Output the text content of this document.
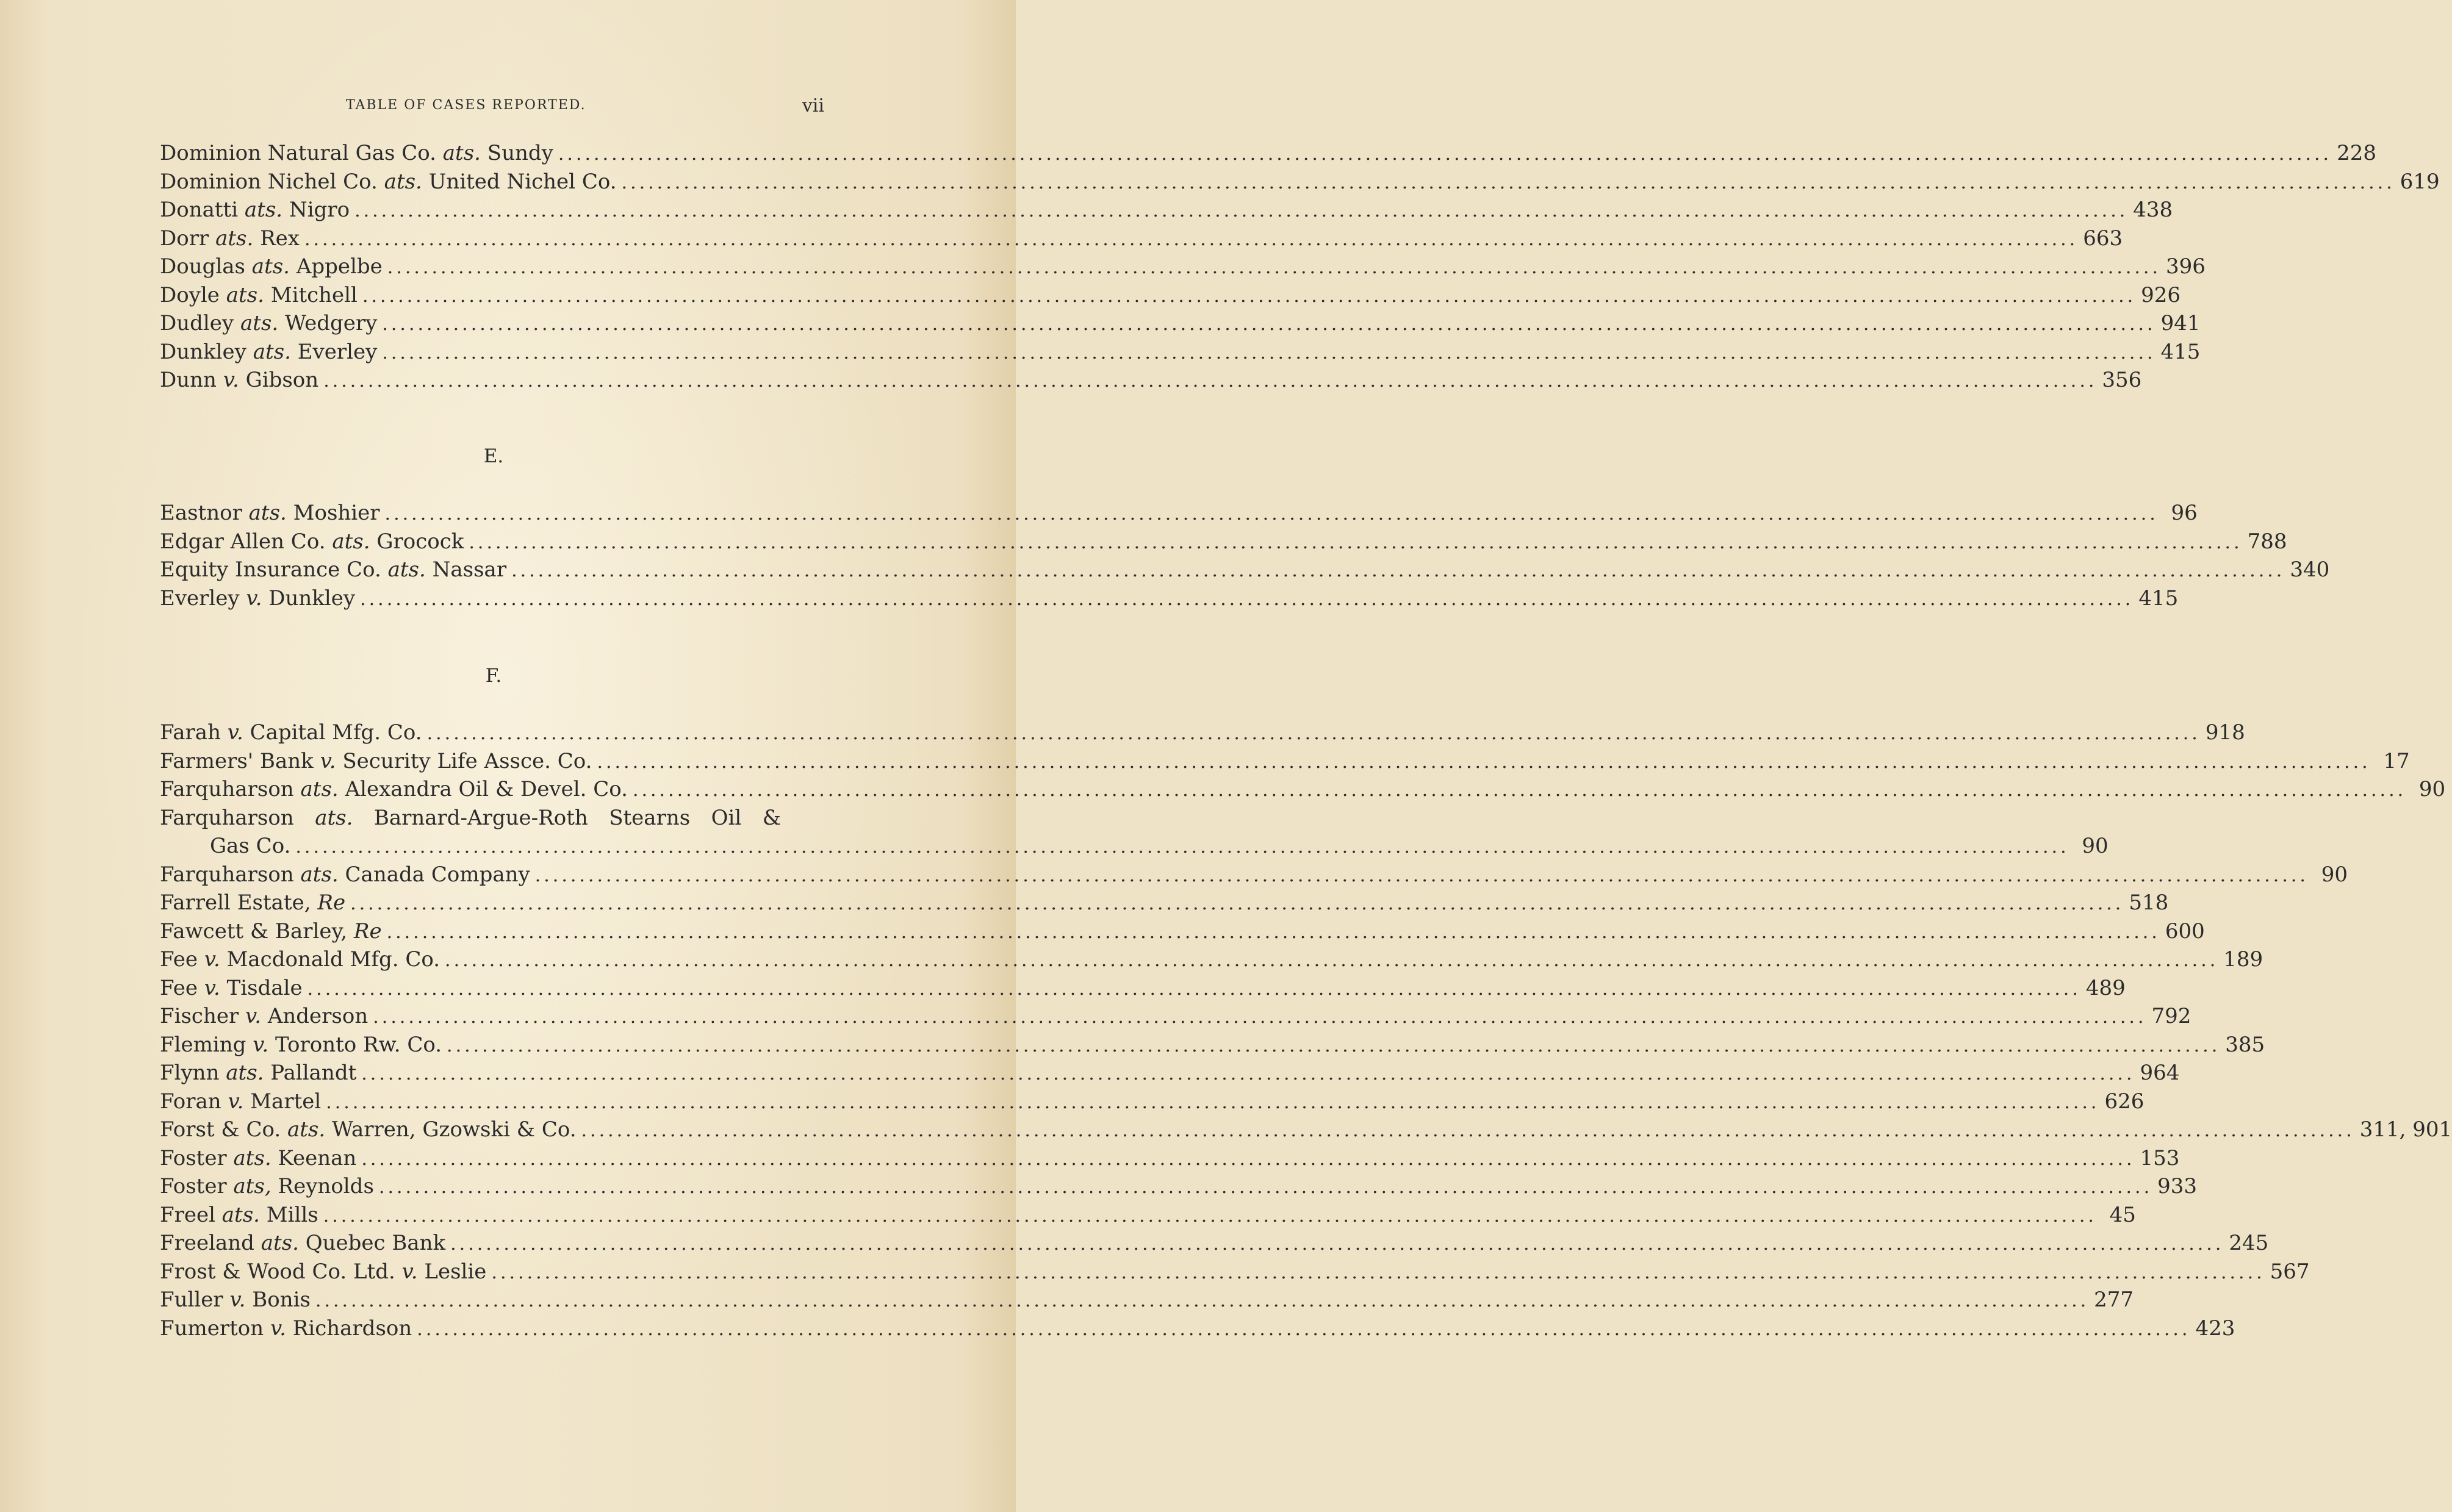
TABLE OF CASES REPORTED.	vii
Dominion Natural Gas Co. ats. Sundy ........................................................................................................................................................................................................ 228
Dominion Nichel Co. ats. United Nichel Co. ........................................................................................................................................................................................................ 619
Donatti ats. Nigro ........................................................................................................................................................................................................ 438
Dorr ats. Rex ........................................................................................................................................................................................................ 663
Douglas ats. Appelbe ........................................................................................................................................................................................................ 396
Doyle ats. Mitchell ........................................................................................................................................................................................................ 926
Dudley ats. Wedgery ........................................................................................................................................................................................................ 941
Dunkley ats. Everley ........................................................................................................................................................................................................ 415
Dunn v. Gibson ........................................................................................................................................................................................................ 356
E.
Eastnor ats. Moshier ........................................................................................................................................................................................................ 96
Edgar Allen Co. ats. Grocock ........................................................................................................................................................................................................ 788
Equity Insurance Co. ats. Nassar ........................................................................................................................................................................................................ 340
Everley v. Dunkley ........................................................................................................................................................................................................ 415
F.
Farah v. Capital Mfg. Co. ........................................................................................................................................................................................................ 918
Farmers' Bank v. Security Life Assce. Co. ........................................................................................................................................................................................................ 17
Farquharson ats. Alexandra Oil & Devel. Co. ........................................................................................................................................................................................................ 90
Farquharson ats. Barnard-Argue-Roth Stearns Oil &
Gas Co. ........................................................................................................................................................................................................ 90
Farquharson ats. Canada Company ........................................................................................................................................................................................................ 90
Farrell Estate, Re ........................................................................................................................................................................................................ 518
Fawcett & Barley, Re ........................................................................................................................................................................................................ 600
Fee v. Macdonald Mfg. Co. ........................................................................................................................................................................................................ 189
Fee v. Tisdale ........................................................................................................................................................................................................ 489
Fischer v. Anderson ........................................................................................................................................................................................................ 792
Fleming v. Toronto Rw. Co. ........................................................................................................................................................................................................ 385
Flynn ats. Pallandt ........................................................................................................................................................................................................ 964
Foran v. Martel ........................................................................................................................................................................................................ 626
Forst & Co. ats. Warren, Gzowski & Co. ........................................................................................................................................................................................................ 311, 901
Foster ats. Keenan ........................................................................................................................................................................................................ 153
Foster ats, Reynolds ........................................................................................................................................................................................................ 933
Freel ats. Mills ........................................................................................................................................................................................................ 45
Freeland ats. Quebec Bank ........................................................................................................................................................................................................ 245
Frost & Wood Co. Ltd. v. Leslie ........................................................................................................................................................................................................ 567
Fuller v. Bonis ........................................................................................................................................................................................................ 277
Fumerton v. Richardson ........................................................................................................................................................................................................ 423
